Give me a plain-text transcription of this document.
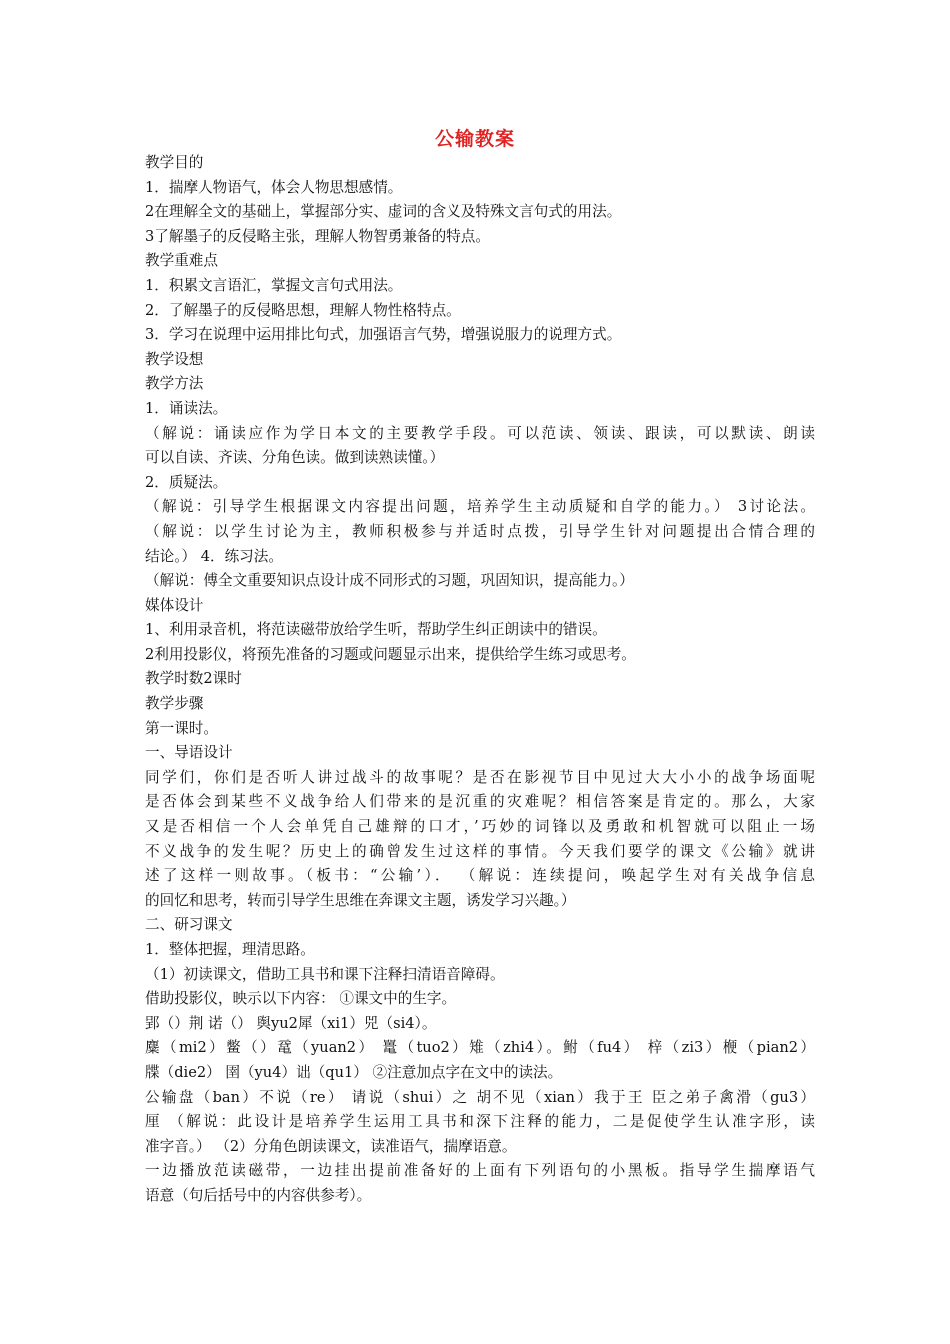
公输教案
教学目的
1．揣摩人物语气，体会人物思想感情。
2在理解全文的基础上，掌握部分实、虚词的含义及特殊文言句式的用法。
3了解墨子的反侵略主张，理解人物智勇兼备的特点。
教学重难点
1．积累文言语汇，掌握文言句式用法。
2．了解墨子的反侵略思想，理解人物性格特点。
3．学习在说理中运用排比句式，加强语言气势，增强说服力的说理方式。
教学设想
教学方法
1．诵读法。
（解说：诵读应作为学日本文的主要教学手段。可以范读、领读、跟读，可以默读、朗读
可以自读、齐读、分角色读。做到读熟读懂。）
2．质疑法。
（解说：引导学生根据课文内容提出问题，培养学生主动质疑和自学的能力。） 3讨论法。
（解说：以学生讨论为主，教师积极参与并适时点拨，引导学生针对问题提出合情合理的
结论。） 4．练习法。
（解说：傅全文重要知识点设计成不同形式的习题，巩固知识，提高能力。）
媒体设计
1、利用录音机，将范读磁带放给学生听，帮助学生纠正朗读中的错误。
2利用投影仪，将预先准备的习题或问题显示出来，提供给学生练习或思考。
教学时数2课时
教学步骤
第一课时。
一、导语设计
同学们，你们是否听人讲过战斗的故事呢？是否在影视节目中见过大大小小的战争场面呢
是否体会到某些不义战争给人们带来的是沉重的灾难呢？相信答案是肯定的。那么，大家
又是否相信一个人会单凭自己雄辩的口才，’巧妙的词锋以及勇敢和机智就可以阻止一场
不义战争的发生呢？历史上的确曾发生过这样的事情。今天我们要学的课文《公输》就讲
述了这样一则故事。（板书：“公输’）． （解说：连续提问，唤起学生对有关战争信息
的回忆和思考，转而引导学生思维在奔课文主题，诱发学习兴趣。）
二、研习课文
1．整体把握，理清思路。
（1）初读课文，借助工具书和课下注释扫清语音障碍。
借助投影仪，映示以下内容： ①课文中的生字。
郢（）荆 诺（） 舆yu2犀（xi1）兕（si4）。
麋（mi2）鳖（）鼋（yuan2） 鼍（tuo2）雉（zhi4）。鲋（fu4） 梓（zi3）楩（pian2）
牒（die2） 圉（yu4）诎（qu1） ②注意加点字在文中的读法。
公输盘（ban）不说（re） 请说（shui）之 胡不见（xian）我于王 臣之弟子禽滑（gu3）
厘 （解说：此设计是培养学生运用工具书和深下注释的能力，二是促使学生认准字形，读
准字音。） （2）分角色朗读课文，读准语气，揣摩语意。
一边播放范读磁带，一边挂出提前准备好的上面有下列语句的小黑板。指导学生揣摩语气
语意（句后括号中的内容供参考）。
